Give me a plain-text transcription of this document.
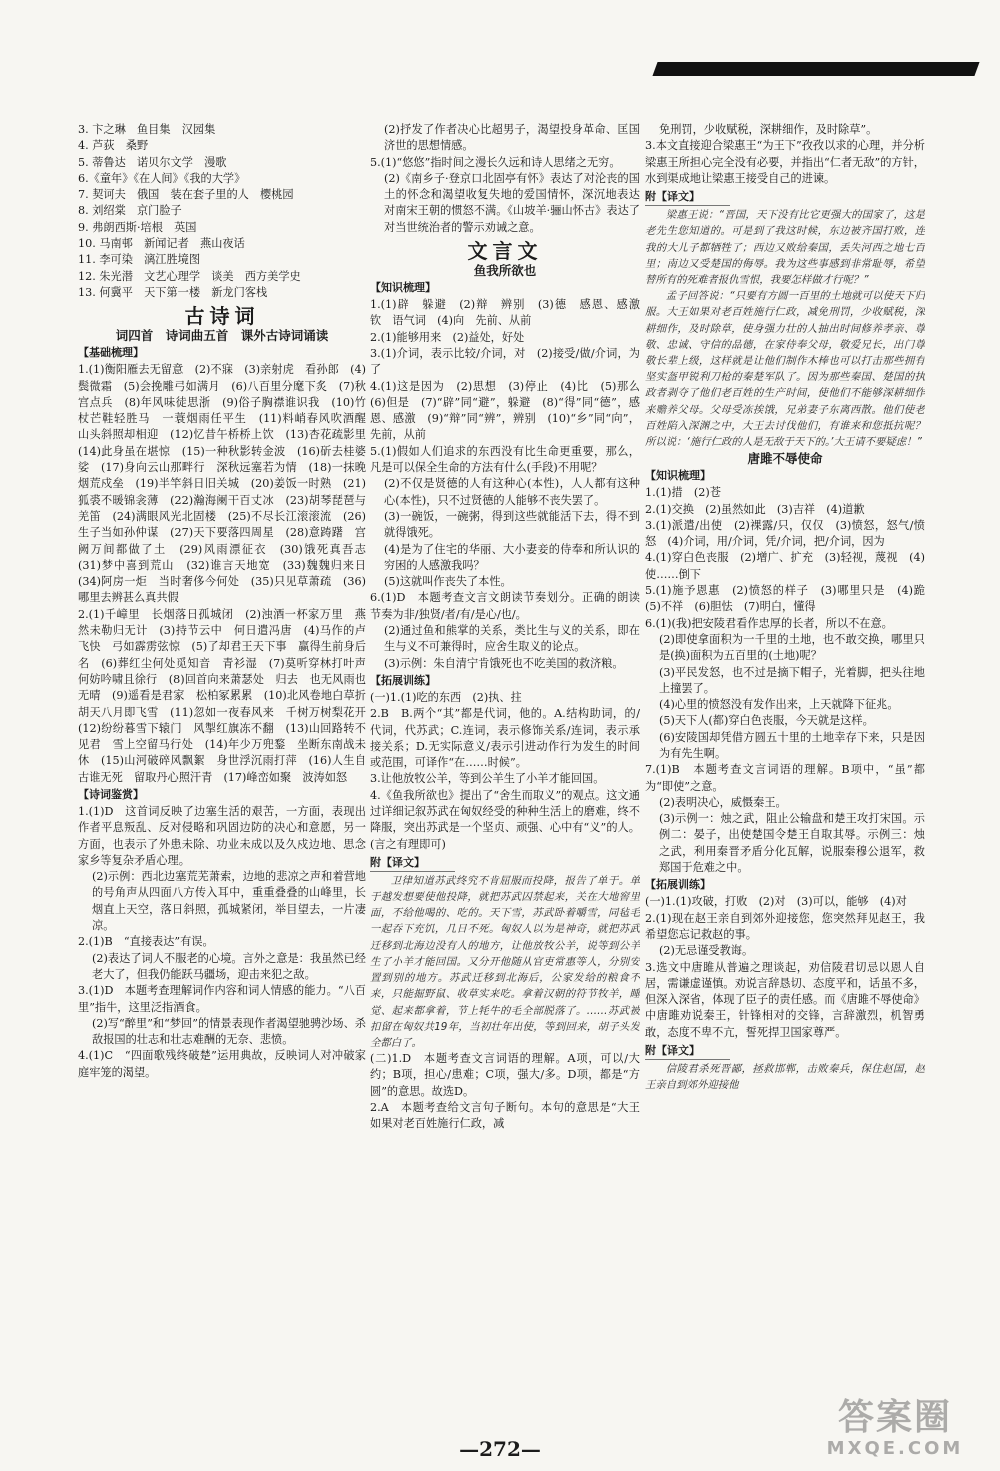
3. 卞之琳　鱼目集　汉园集

4. 芦荻　桑野

5. 蒂鲁达　诺贝尔文学　漫歌

6.《童年》《在人间》《我的大学》

7. 契诃夫　俄国　装在套子里的人　樱桃园

8. 刘绍棠　京门脸子

9. 弗朗西斯·培根　英国

10. 马南邨　新闻记者　燕山夜话

11. 李可染　漓江胜境图

12. 朱光潜　文艺心理学　谈美　西方美学史

13. 何冀平　天下第一楼　新龙门客栈

古诗词
词四首　诗词曲五首　课外古诗词诵读
【基础梳理】

1.(1)衡阳雁去无留意　(2)不寐　(3)亲射虎　看孙郎　(4)鬓微霜　(5)会挽雕弓如满月　(6)八百里分麾下炙　(7)秋宫点兵　(8)年风味徒思浙　(9)俗子胸襟谁识我　(10)竹杖芒鞋轻胜马　一蓑烟雨任平生　(11)料峭春风吹酒醒　山头斜照却相迎　(12)忆昔午桥桥上饮　(13)杏花疏影里　(14)此身虽在堪惊　(15)一种秋影转金波　(16)斫去桂婆娑　(17)身向云山那畔行　深秋远塞若为情　(18)一抹晚烟荒戍垒　(19)半竿斜日旧关城　(20)姜饭一时熟　(21)狐裘不暖锦衾薄　(22)瀚海阑干百丈冰　(23)胡琴琵琶与羌笛　(24)满眼风光北固楼　(25)不尽长江滚滚流　(26)生子当如孙仲谋　(27)天下要落四周星　(28)意踌躇　宫阙万间都做了土　(29)风雨漂征衣　(30)饿死真吾志　(31)梦中喜到荒山　(32)谁言天地宽　(33)魏魏归来日　(34)阿房一炬　当时奢侈今何处　(35)只见草萧疏　(36)哪里去辨甚么真共假

2.(1)千嶂里　长烟落日孤城闭　(2)浊酒一杯家万里　燕然未勒归无计　(3)持节云中　何日遣冯唐　(4)马作的卢飞快　弓如霹雳弦惊　(5)了却君王天下事　赢得生前身后名　(6)葬红尘何处觅知音　青衫湿　(7)莫听穿林打叶声　何妨吟啸且徐行　(8)回首向来萧瑟处　归去　也无风雨也无晴　(9)遥看是君家　松柏冢累累　(10)北风卷地白草折　胡天八月即飞雪　(11)忽如一夜春风来　千树万树梨花开　(12)纷纷暮雪下辕门　风掣红旗冻不翻　(13)山回路转不见君　雪上空留马行处　(14)年少万兜鍪　坐断东南战未休　(15)山河破碎风飘絮　身世浮沉雨打萍　(16)人生自古谁无死　留取丹心照汗青　(17)峰峦如聚　波涛如怒

【诗词鉴赏】

1.(1)D　这首词反映了边塞生活的艰苦，一方面，表现出作者平息叛乱、反对侵略和巩固边防的决心和意愿，另一方面，也表示了外患未除、功业未成以及久戍边地、思念家乡等复杂矛盾心理。

(2)示例：西北边塞荒芜萧索，边地的悲凉之声和着营地的号角声从四面八方传入耳中，重重叠叠的山峰里，长烟直上天空，落日斜照，孤城紧闭，举目望去，一片凄凉。

2.(1)B　“直接表达”有误。

(2)表达了词人不服老的心境。言外之意是：我虽然已经老大了，但我仍能跃马疆场，迎击来犯之敌。

3.(1)D　本题考查理解词作内容和词人情感的能力。“八百里”指牛，这里泛指酒食。

(2)写“醉里”和“梦回”的情景表现作者渴望驰骋沙场、杀敌报国的壮志和壮志难酬的无奈、悲愤。

4.(1)C　“四面歌残终破楚”运用典故，反映词人对冲破家庭牢笼的渴望。

(2)抒发了作者决心比超男子，渴望投身革命、匡国济世的思想情感。

5.(1)“悠悠”指时间之漫长久远和诗人思绪之无穷。

(2)《南乡子·登京口北固亭有怀》表达了对沦丧的国土的怀念和渴望收复失地的爱国情怀，深沉地表达对南宋王朝的惯怒不满。《山坡羊·骊山怀古》表达了对当世统治者的警示劝诫之意。

文言文
鱼我所欲也
【知识梳理】

1.(1)辟　躲避　(2)辩　辨别　(3)德　感恩、感激　钦　语气词　(4)向　先前、从前

2.(1)能够用来　(2)益处，好处

3.(1)介词，表示比较/介词，对　(2)接受/做/介词，为了

4.(1)这是因为　(2)思想　(3)停止　(4)比　(5)那么　(6)但是　(7)“辟”同“避”，躲避　(8)“得”同“德”，感恩、感激　(9)“辩”同“辨”，辨别　(10)“乡”同“向”，先前，从前

5.(1)假如人们追求的东西没有比生命更重要，那么，凡是可以保全生命的方法有什么(手段)不用呢？

(2)不仅是贤德的人有这种心(本性)，人人都有这种心(本性)，只不过贤德的人能够不丧失罢了。

(3)一碗饭，一碗粥，得到这些就能活下去，得不到就得饿死。

(4)是为了住宅的华丽、大小妻妾的侍奉和所认识的穷困的人感激我吗？

(5)这就叫作丧失了本性。

6.(1)D　本题考查文言文朗读节奏划分。正确的朗读节奏为非/独贤/者/有/是心/也/。

(2)通过鱼和熊掌的关系，类比生与义的关系，即在生与义不可兼得时，应舍生取义的论点。

(3)示例：朱自清宁肯饿死也不吃美国的救济粮。

【拓展训练】

(一)1.(1)吃的东西　(2)执、拄

2.B　B.两个“其”都是代词，他的。A.结构助词，的/代词，代苏武；C.连词，表示修饰关系/连词，表示承接关系；D.无实际意义/表示引进动作行为发生的时间或范围，可译作“在……时候”。

3.让他放牧公羊，等到公羊生了小羊才能回国。

4.《鱼我所欲也》提出了“舍生而取义”的观点。这文通过详细记叙苏武在匈奴经受的种种生活上的磨难，终不降服，突出苏武是一个坚贞、顽强、心中有“义”的人。(言之有理即可)

附【译文】

卫律知道苏武终究不肯屈服而投降，报告了单于。单于越发想要使他投降，就把苏武囚禁起来，关在大地窖里面，不给他喝的、吃的。天下雪，苏武卧着嚼雪，同毡毛一起吞下充饥，几日不死。匈奴人以为是神奇，就把苏武迁移到北海边没有人的地方，让他放牧公羊，说等到公羊生了小羊才能回国。又分开他随从官吏常惠等人，分别安置到别的地方。苏武迁移到北海后，公家发给的粮食不来，只能掘野鼠、收草实来吃。拿着汉朝的符节牧羊，睡觉、起来都拿着，节上牦牛的毛全部脱落了。……苏武被扣留在匈奴共19年，当初壮年出使，等到回来，胡子头发全都白了。

(二)1.D　本题考查文言词语的理解。A项，可以/大约；B项，担心/患难；C项，强大/多。D项，都是“方圆”的意思。故选D。

2.A　本题考查给文言句子断句。本句的意思是“大王如果对老百姓施行仁政，减

免刑罚，少收赋税，深耕细作，及时除草”。

3.本文直接迎合梁惠王“为王下”孜孜以求的心理，并分析梁惠王所担心完全没有必要，并指出“仁者无敌”的方针，水到渠成地让梁惠王接受自己的进谏。

附【译文】

梁惠王说：“晋国，天下没有比它更强大的国家了，这是老先生您知道的。可是到了我这时候，东边被齐国打败，连我的大儿子都牺牲了；西边又败给秦国，丢失河西之地七百里；南边又受楚国的侮辱。我为这些事感到非常耻辱，希望替所有的死难者报仇雪恨，我要怎样做才行呢？”

孟子回答说：“只要有方圆一百里的土地就可以使天下归服。大王如果对老百姓施行仁政，减免刑罚，少收赋税，深耕细作，及时除草，使身强力壮的人抽出时间修养孝亲、尊敬、忠诚、守信的品德，在家侍奉父母，敬爱兄长，出门尊敬长辈上级，这样就是让他们制作木棒也可以打击那些拥有坚实盔甲锐利刀枪的秦楚军队了。因为那些秦国、楚国的执政者剥夺了他们老百姓的生产时间，使他们不能够深耕细作来赡养父母。父母受冻挨饿，兄弟妻子东离西散。他们使老百姓陷入深渊之中，大王去讨伐他们，有谁来和您抵抗呢？所以说：‘施行仁政的人是无敌于天下的。’大王请不要疑虑！”

唐雎不辱使命
【知识梳理】

1.(1)措　(2)苍

2.(1)交换　(2)虽然如此　(3)吉祥　(4)道歉

3.(1)派遣/出使　(2)裸露/只，仅仅　(3)愤怒，怒气/愤怒　(4)介词，用/介词，凭/介词，把/介词，因为

4.(1)穿白色丧服　(2)增广、扩充　(3)轻视，蔑视　(4)使……倒下

5.(1)施予恩惠　(2)愤怒的样子　(3)哪里只是　(4)跪　(5)不祥　(6)胆怯　(7)明白，懂得

6.(1)(我)把安陵君看作忠厚的长者，所以不在意。

(2)即使拿面积为一千里的土地，也不敢交换，哪里只是(换)面积为五百里的(土地)呢？

(3)平民发怒，也不过是摘下帽子，光着脚，把头往地上撞罢了。

(4)心里的愤怒没有发作出来，上天就降下征兆。

(5)天下人(都)穿白色丧服，今天就是这样。

(6)安陵国却凭借方圆五十里的土地幸存下来，只是因为有先生啊。

7.(1)B　本题考查文言词语的理解。B项中，“虽”都为“即使”之意。

(2)表明决心，威慑秦王。

(3)示例一：烛之武，阻止公输盘和楚王攻打宋国。示例二：晏子，出使楚国令楚王自取其辱。示例三：烛之武，利用秦晋矛盾分化瓦解，说服秦穆公退军，救郑国于危难之中。

【拓展训练】

(一)1.(1)攻破，打败　(2)对　(3)可以，能够　(4)对

2.(1)现在赵王亲自到郊外迎接您，您突然拜见赵王，我希望您忘记救赵的事。

(2)无忌谨受教诲。

3.选文中唐雎从普遍之理谈起，劝信陵君切忌以恩人自居，需谦虚谨慎。劝说言辞恳切、态度平和，话虽不多，但深入深省，体现了臣子的责任感。而《唐雎不辱使命》中唐雎劝说秦王，针锋相对的交锋，言辞激烈，机智勇敢，态度不卑不亢，誓死捍卫国家尊严。

附【译文】

信陵君杀死晋鄙，拯救邯郸，击败秦兵，保住赵国，赵王亲自到郊外迎接他

—272—
答案圈
MXQE.COM
